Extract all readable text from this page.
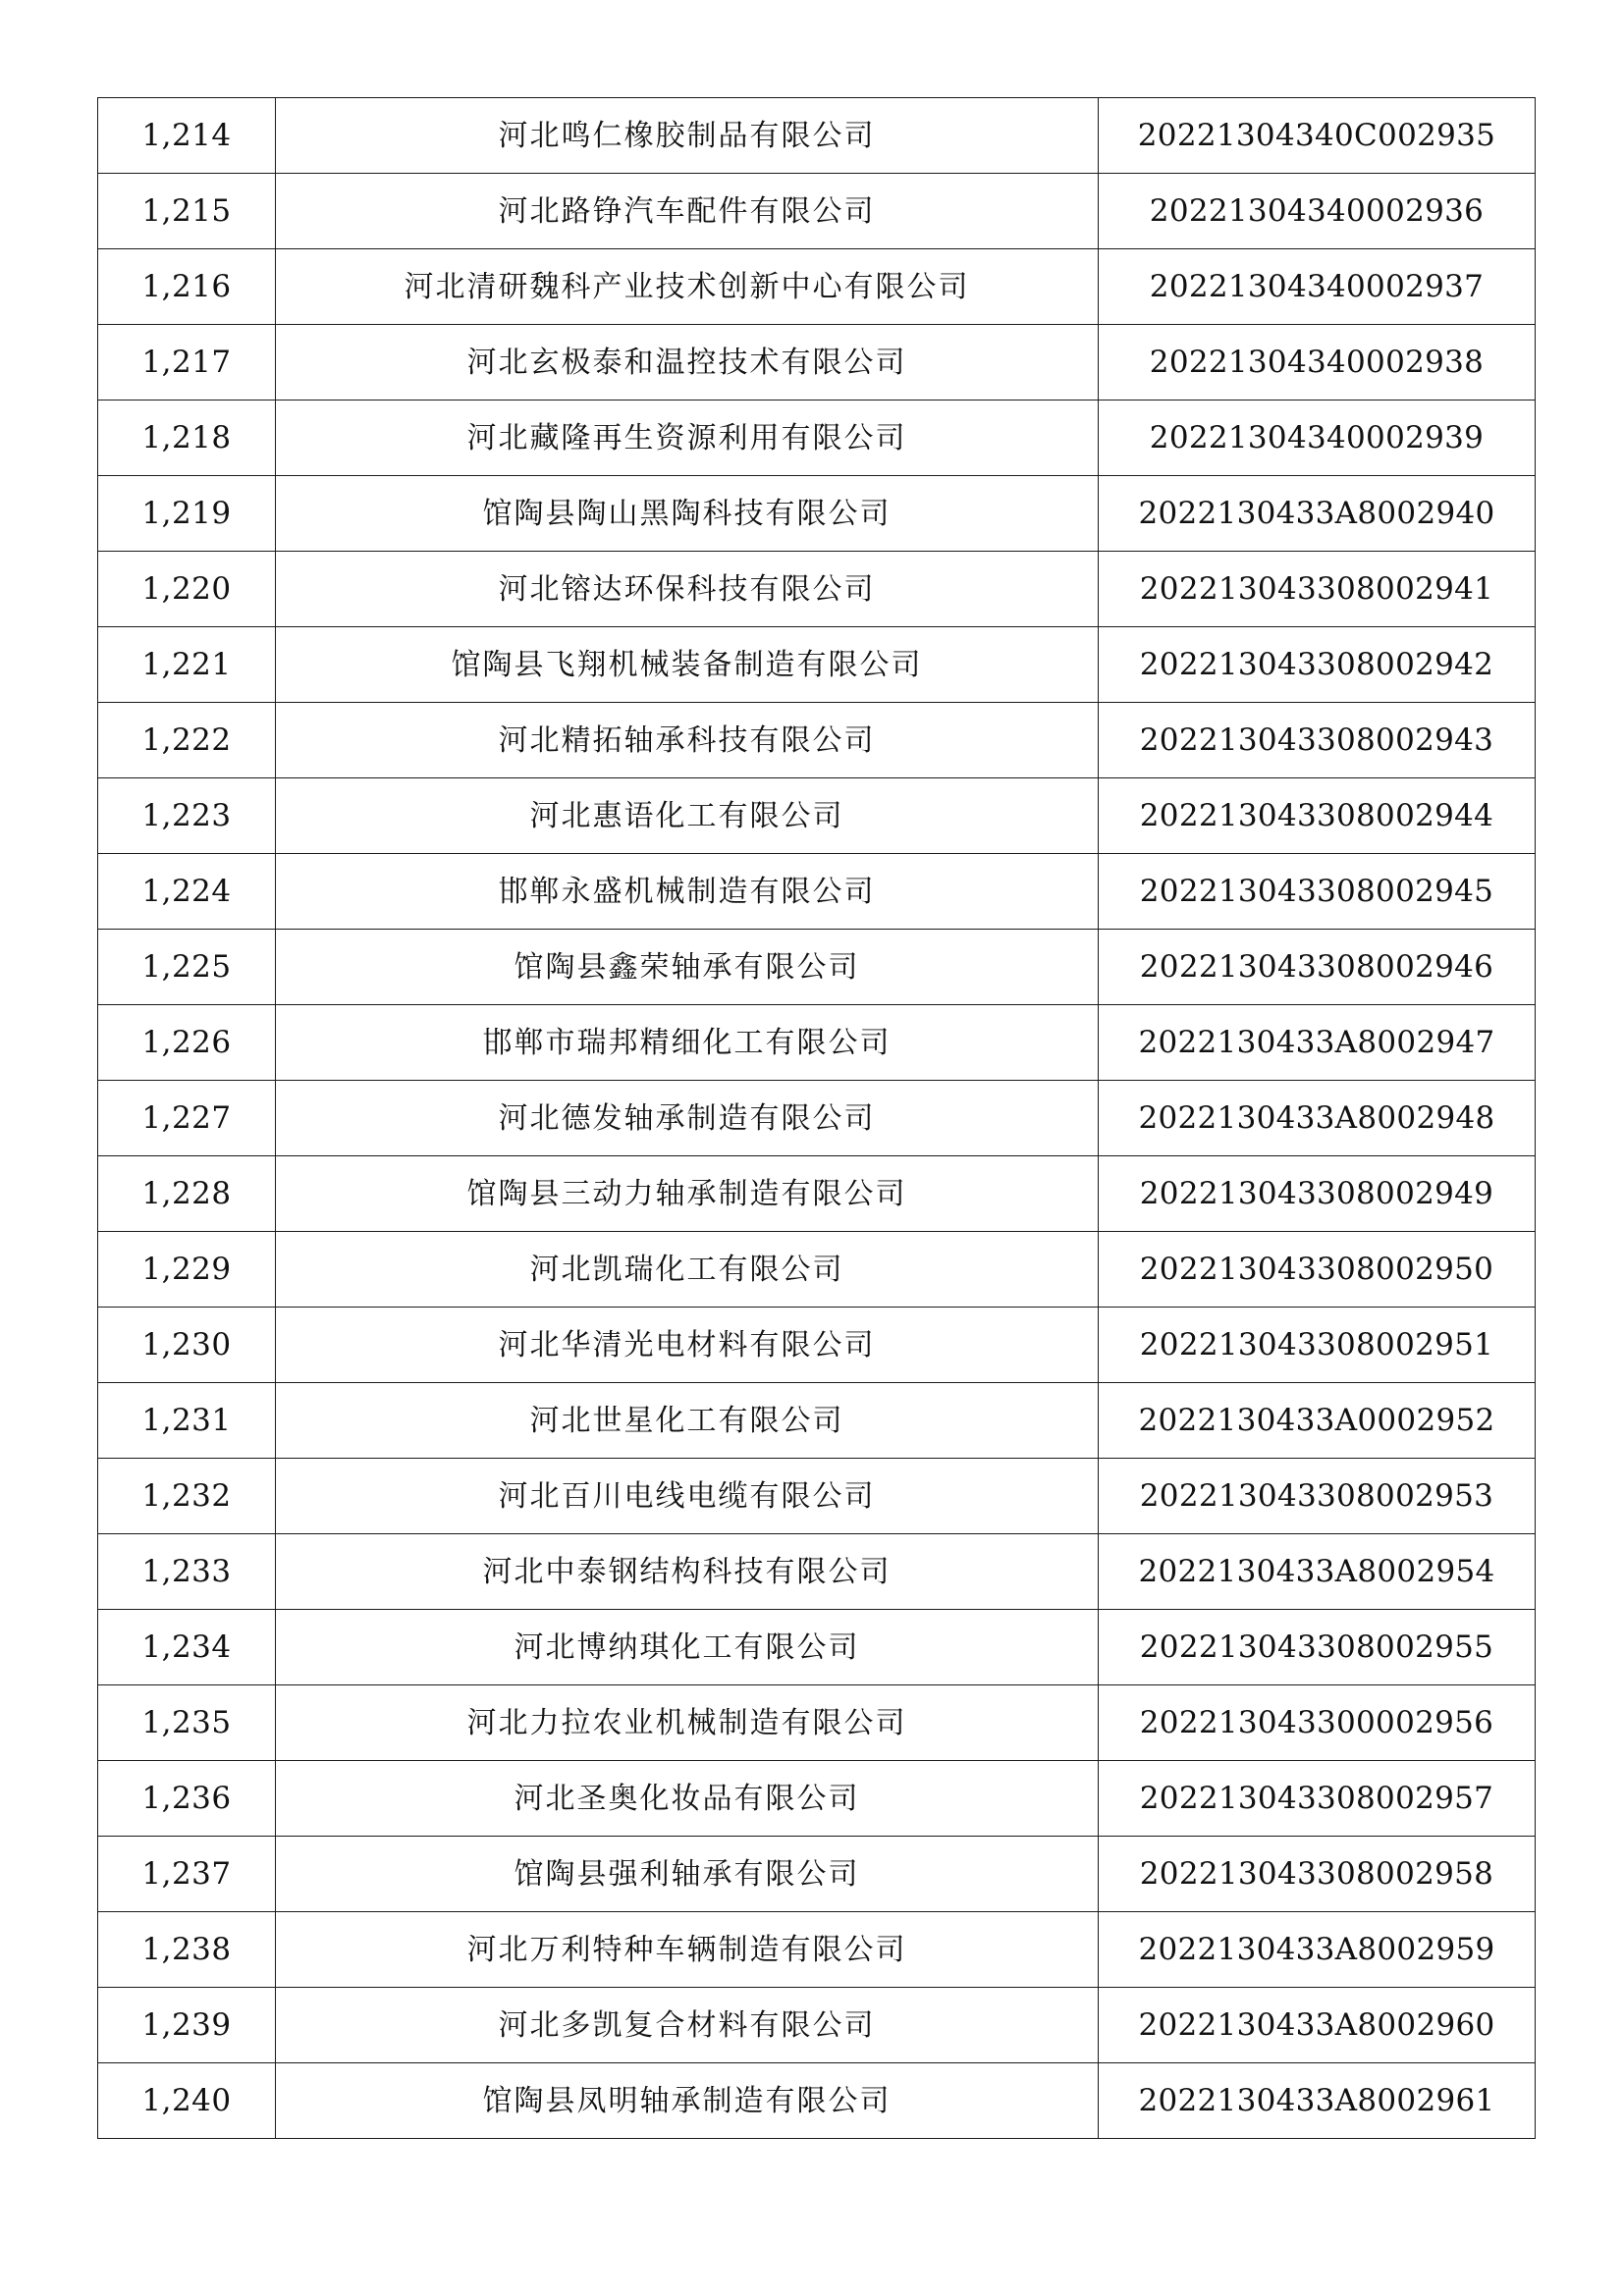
1,214	河北鸣仁橡胶制品有限公司	20221304340C002935
1,215	河北路铮汽车配件有限公司	20221304340002936
1,216	河北清研魏科产业技术创新中心有限公司	20221304340002937
1,217	河北玄极泰和温控技术有限公司	20221304340002938
1,218	河北藏隆再生资源利用有限公司	20221304340002939
1,219	馆陶县陶山黑陶科技有限公司	2022130433A8002940
1,220	河北镕达环保科技有限公司	202213043308002941
1,221	馆陶县飞翔机械装备制造有限公司	202213043308002942
1,222	河北精拓轴承科技有限公司	202213043308002943
1,223	河北惠语化工有限公司	202213043308002944
1,224	邯郸永盛机械制造有限公司	202213043308002945
1,225	馆陶县鑫荣轴承有限公司	202213043308002946
1,226	邯郸市瑞邦精细化工有限公司	2022130433A8002947
1,227	河北德发轴承制造有限公司	2022130433A8002948
1,228	馆陶县三动力轴承制造有限公司	202213043308002949
1,229	河北凯瑞化工有限公司	202213043308002950
1,230	河北华清光电材料有限公司	202213043308002951
1,231	河北世星化工有限公司	2022130433A0002952
1,232	河北百川电线电缆有限公司	202213043308002953
1,233	河北中泰钢结构科技有限公司	2022130433A8002954
1,234	河北博纳琪化工有限公司	202213043308002955
1,235	河北力拉农业机械制造有限公司	202213043300002956
1,236	河北圣奥化妆品有限公司	202213043308002957
1,237	馆陶县强利轴承有限公司	202213043308002958
1,238	河北万利特种车辆制造有限公司	2022130433A8002959
1,239	河北多凯复合材料有限公司	2022130433A8002960
1,240	馆陶县凤明轴承制造有限公司	2022130433A8002961
